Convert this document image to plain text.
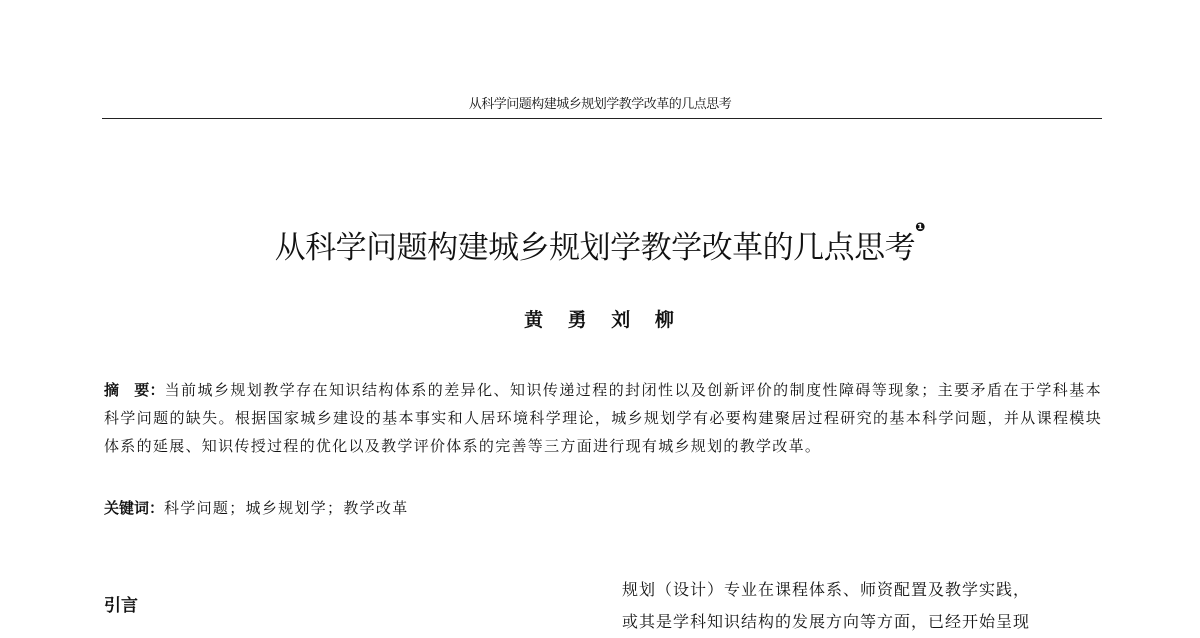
从科学问题构建城乡规划学教学改革的几点思考
从科学问题构建城乡规划学教学改革的几点思考$^❶$
黄 勇 刘 柳
摘　要：当前城乡规划教学存在知识结构体系的差异化、知识传递过程的封闭性以及创新评价的制度性障碍等现象；主要矛盾在于学科基本科学问题的缺失。根据国家城乡建设的基本事实和人居环境科学理论，城乡规划学有必要构建聚居过程研究的基本科学问题，并从课程模块体系的延展、知识传授过程的优化以及教学评价体系的完善等三方面进行现有城乡规划的教学改革。
关键词：科学问题；城乡规划学；教学改革
引言
规划（设计）专业在课程体系、师资配置及教学实践，
或其是学科知识结构的发展方向等方面，已经开始呈现
